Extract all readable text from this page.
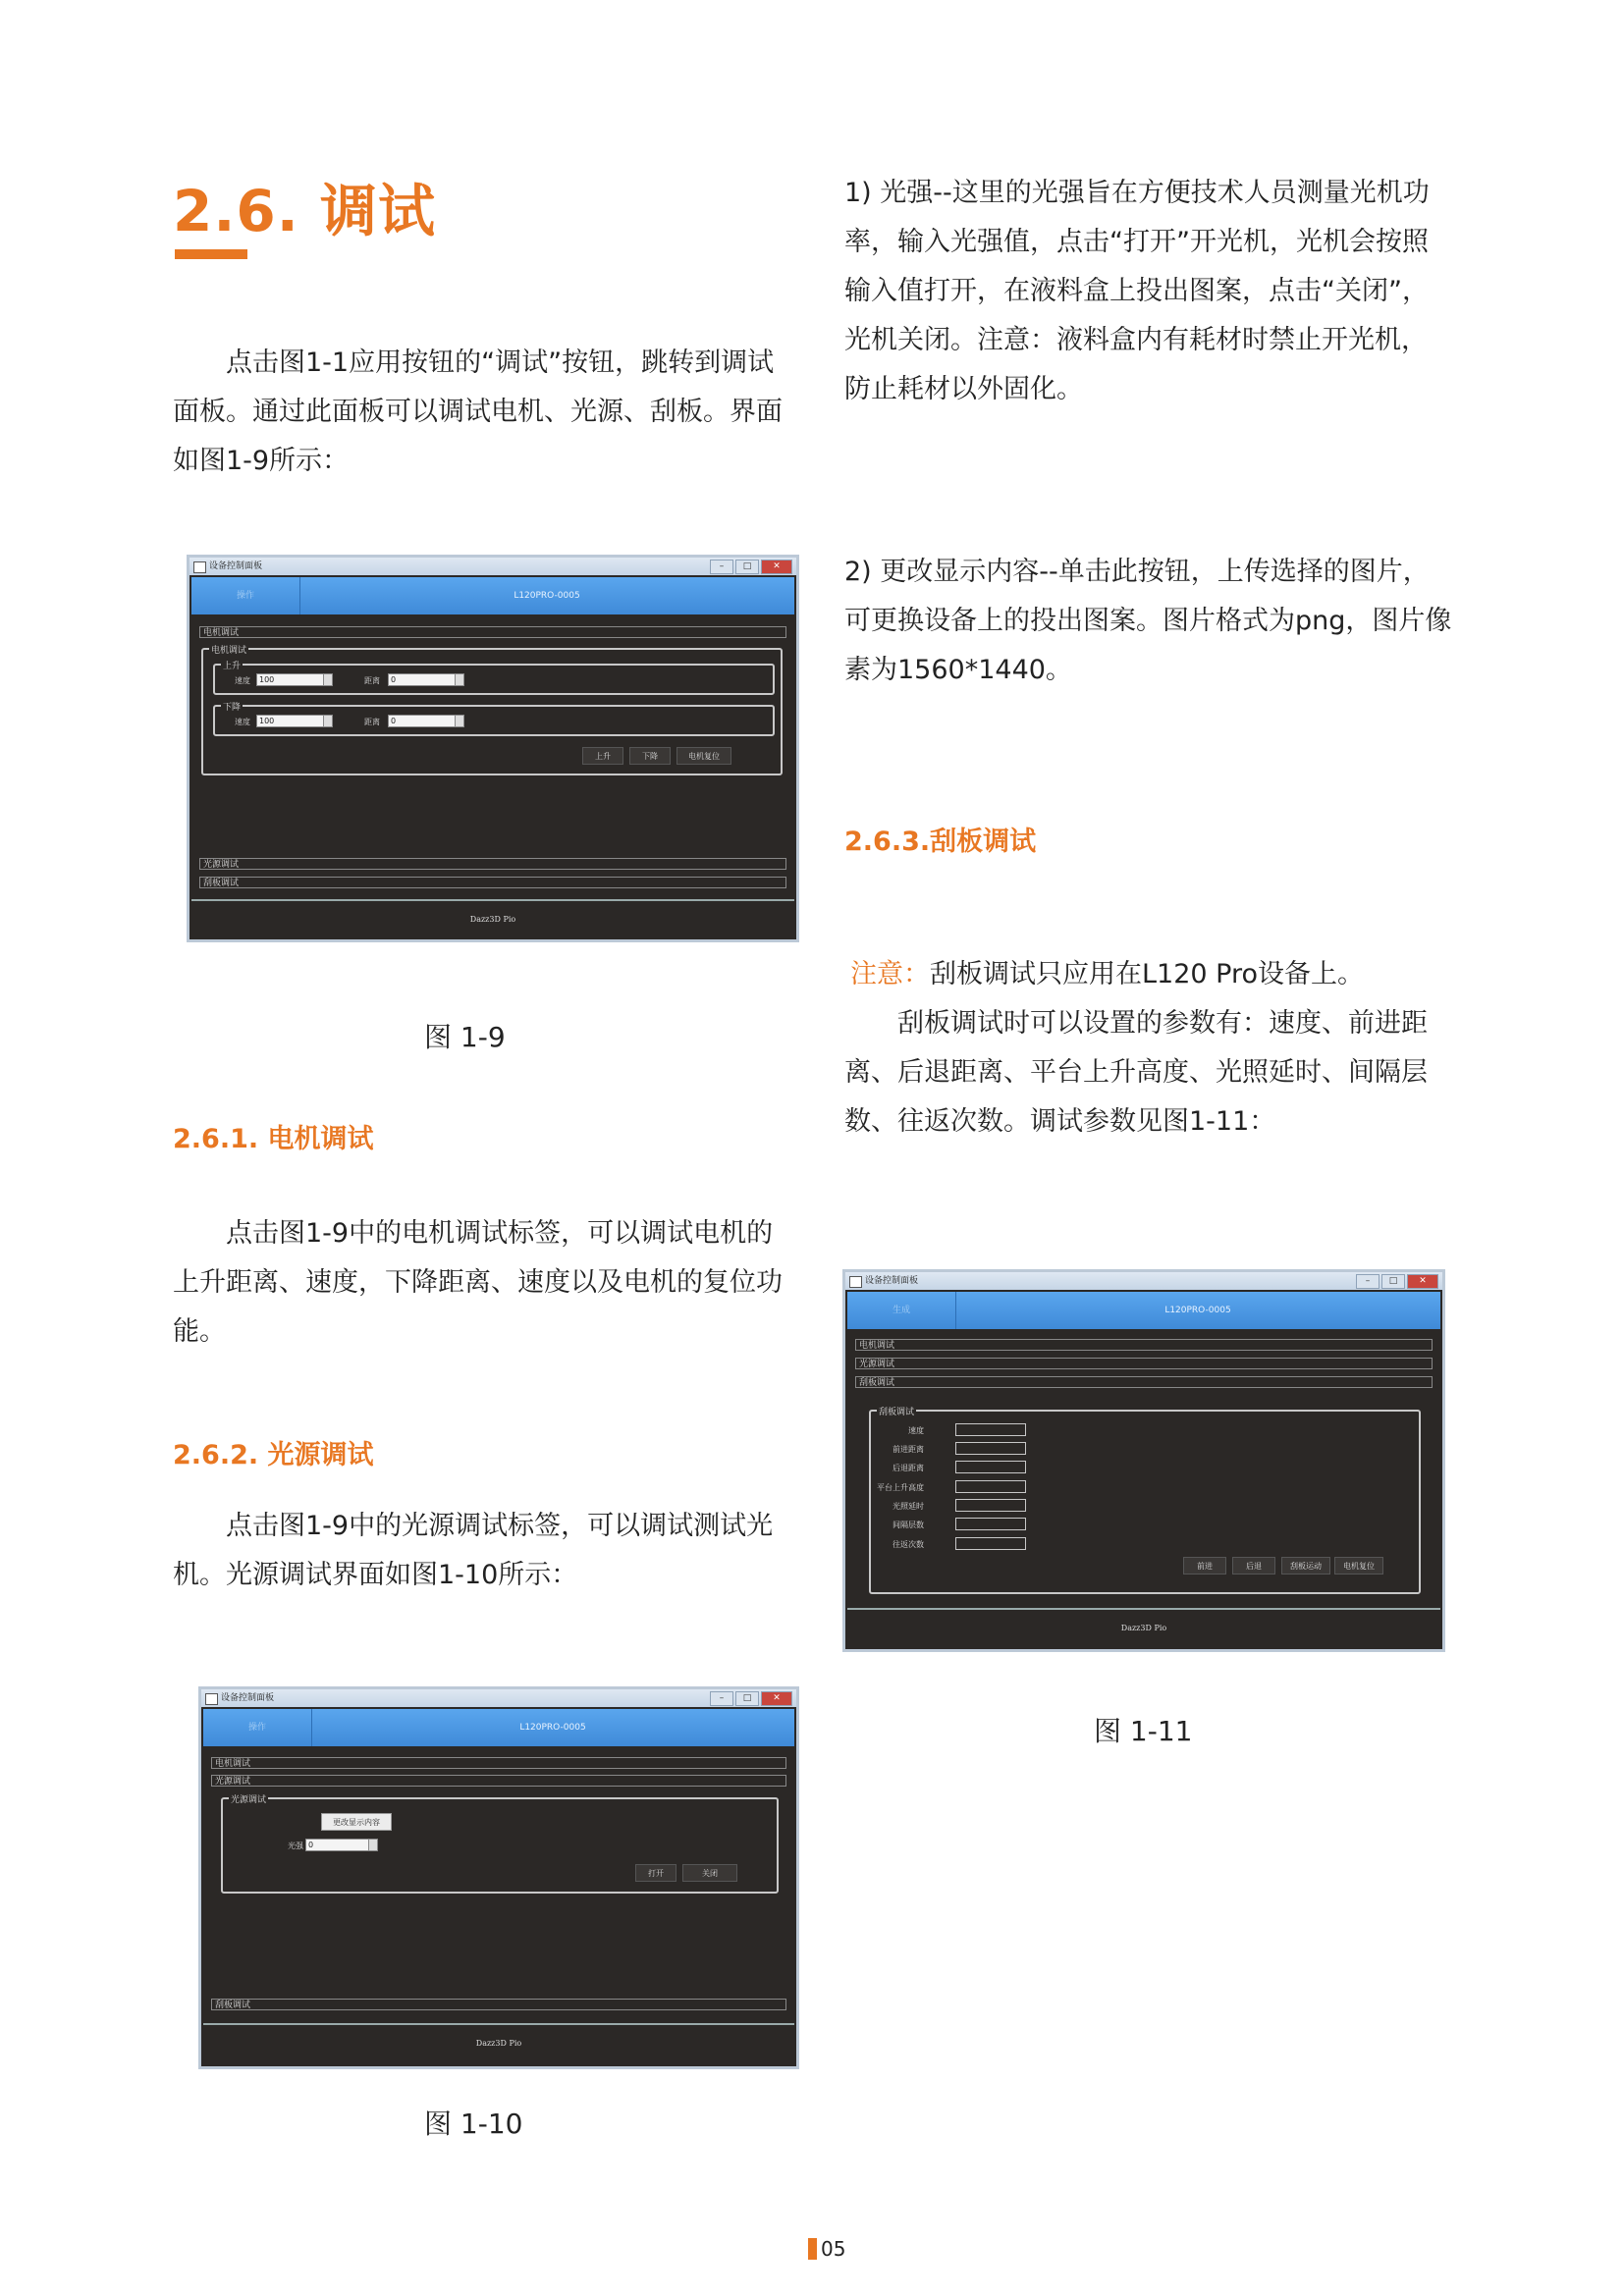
2.6. 调试
点击图1-1应用按钮的“调试”按钮，跳转到调试面板。通过此面板可以调试电机、光源、刮板。界面如图1-9所示：
设备控制面板	–	□	✕
操作	L120PRO-0005
电机调试
电机调试
上升
速度	100	距离	0
下降
速度	100	距离	0
上升	下降	电机复位
光源调试
刮板调试
Dazz3D Pio
图 1-9
2.6.1. 电机调试
点击图1-9中的电机调试标签，可以调试电机的上升距离、速度，下降距离、速度以及电机的复位功能。
2.6.2. 光源调试
点击图1-9中的光源调试标签，可以调试测试光机。光源调试界面如图1-10所示：
设备控制面板	–	□	✕
操作	L120PRO-0005
电机调试
光源调试
光源调试
更改显示内容
光强 0
打开	关闭
刮板调试
Dazz3D Pio
图 1-10
1) 光强--这里的光强旨在方便技术人员测量光机功率，输入光强值，点击“打开”开光机，光机会按照输入值打开，在液料盒上投出图案，点击“关闭”，光机关闭。注意：液料盒内有耗材时禁止开光机，防止耗材以外固化。
2) 更改显示内容--单击此按钮，上传选择的图片，可更换设备上的投出图案。图片格式为png，图片像素为1560*1440。
2.6.3.刮板调试
注意：刮板调试只应用在L120 Pro设备上。
刮板调试时可以设置的参数有：速度、前进距离、后退距离、平台上升高度、光照延时、间隔层数、往返次数。调试参数见图1-11：
设备控制面板	–	□	✕
生成	L120PRO-0005
电机调试
光源调试
刮板调试
刮板调试
速度
前进距离
后退距离
平台上升高度
光照延时
间隔层数
往返次数
前进	后退	刮板运动	电机复位
Dazz3D Pio
图 1-11
05
